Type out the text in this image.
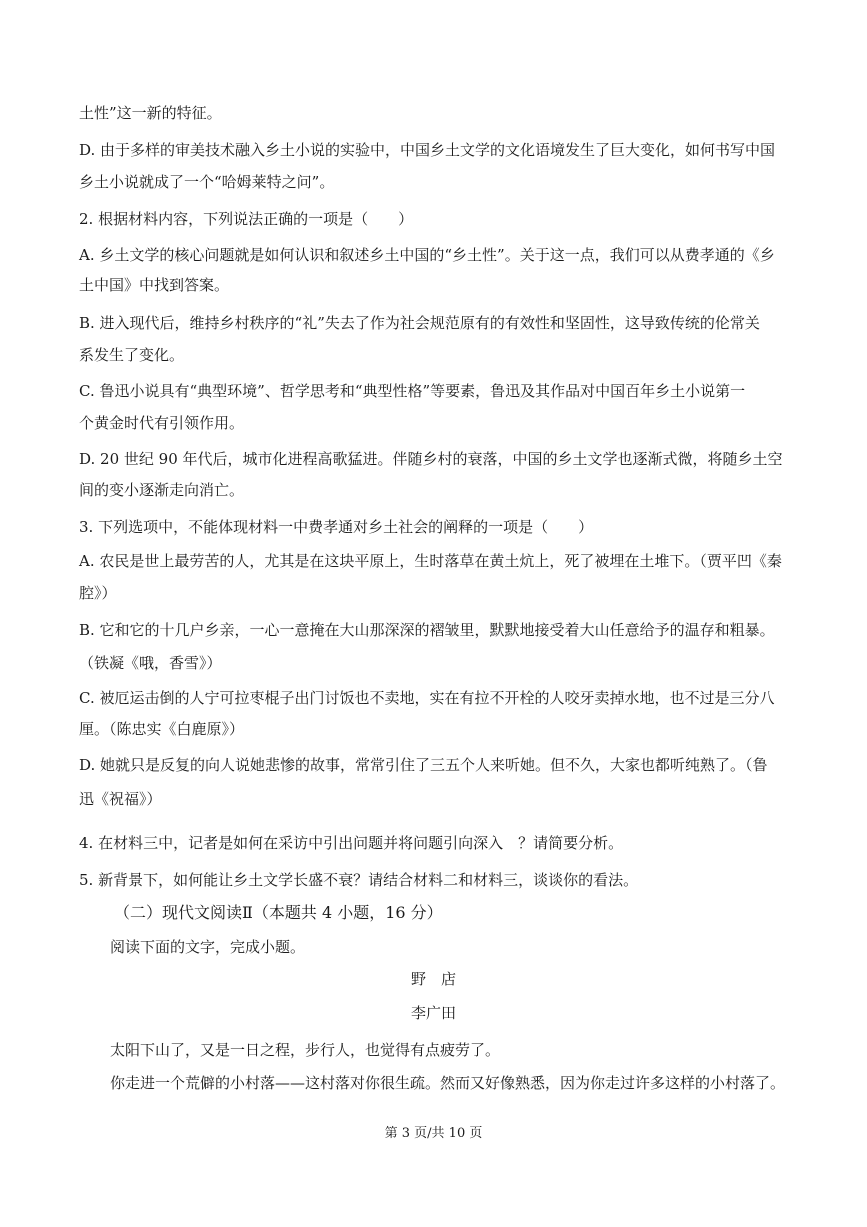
土性”这一新的特征。
D. 由于多样的审美技术融入乡土小说的实验中，中国乡土文学的文化语境发生了巨大变化，如何书写中国
乡土小说就成了一个“哈姆莱特之问”。
2. 根据材料内容，下列说法正确的一项是（　　）
A. 乡土文学的核心问题就是如何认识和叙述乡土中国的“乡土性”。关于这一点，我们可以从费孝通的《乡
土中国》中找到答案。
B. 进入现代后，维持乡村秩序的“礼”失去了作为社会规范原有的有效性和坚固性，这导致传统的伦常关
系发生了变化。
C. 鲁迅小说具有“典型环境”、哲学思考和“典型性格”等要素，鲁迅及其作品对中国百年乡土小说第一
个黄金时代有引领作用。
D. 20 世纪 90 年代后，城市化进程高歌猛进。伴随乡村的衰落，中国的乡土文学也逐渐式微，将随乡土空
间的变小逐渐走向消亡。
3. 下列选项中，不能体现材料一中费孝通对乡土社会的阐释的一项是（　　）
A. 农民是世上最劳苦的人，尤其是在这块平原上，生时落草在黄土炕上，死了被埋在土堆下。（贾平凹《秦
腔》）
B. 它和它的十几户乡亲，一心一意掩在大山那深深的褶皱里，默默地接受着大山任意给予的温存和粗暴。
（铁凝《哦，香雪》）
C. 被厄运击倒的人宁可拉枣棍子出门讨饭也不卖地，实在有拉不开栓的人咬牙卖掉水地，也不过是三分八
厘。（陈忠实《白鹿原》）
D. 她就只是反复的向人说她悲惨的故事，常常引住了三五个人来听她。但不久，大家也都听纯熟了。（鲁
迅《祝福》）
4. 在材料三中，记者是如何在采访中引出问题并将问题引向深入　？请简要分析。
5. 新背景下，如何能让乡土文学长盛不衰？请结合材料二和材料三，谈谈你的看法。
（二）现代文阅读Ⅱ（本题共 4 小题，16 分）
阅读下面的文字，完成小题。
野　店
李广田
太阳下山了，又是一日之程，步行人，也觉得有点疲劳了。
你走进一个荒僻的小村落——这村落对你很生疏。然而又好像熟悉，因为你走过许多这样的小村落了。
第 3 页/共 10 页
